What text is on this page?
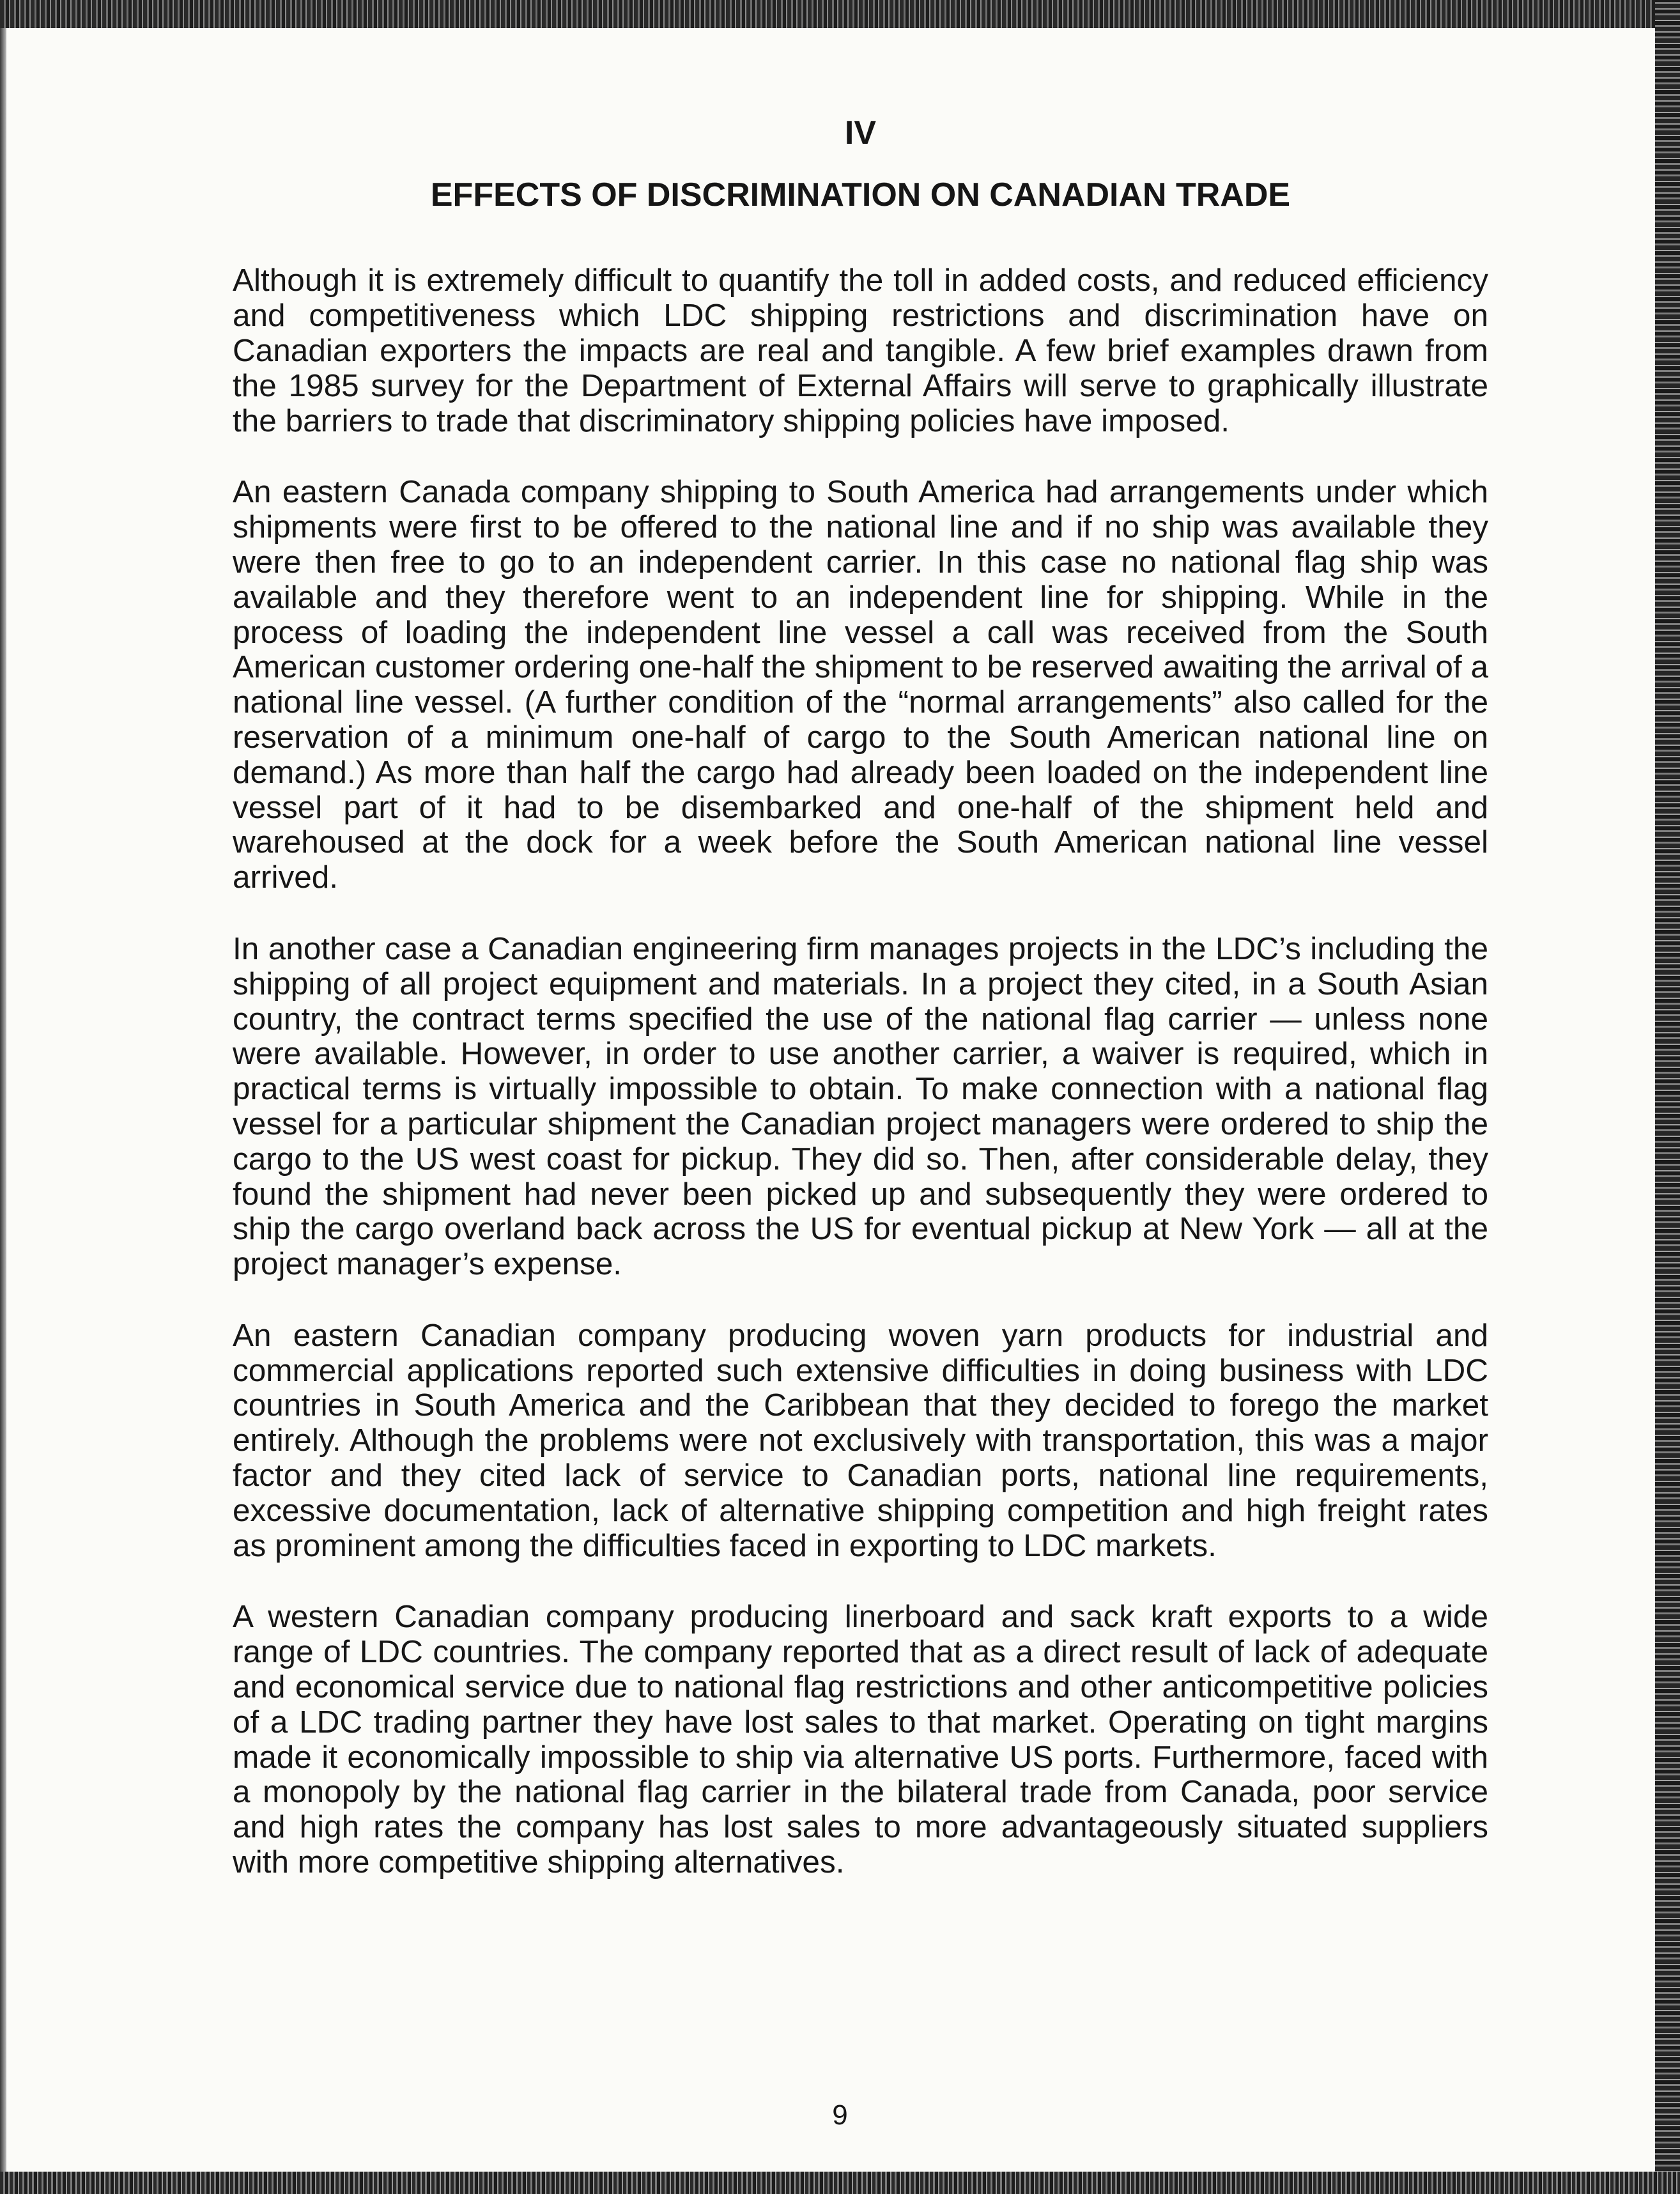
IV
EFFECTS OF DISCRIMINATION ON CANADIAN TRADE

Although it is extremely difficult to quantify the toll in added costs, and reduced efficiency and competitiveness which LDC shipping restrictions and discrimination have on Canadian exporters the impacts are real and tangible. A few brief examples drawn from the 1985 survey for the Department of External Affairs will serve to graphically illustrate the barriers to trade that discriminatory shipping policies have imposed.

An eastern Canada company shipping to South America had arrangements under which shipments were first to be offered to the national line and if no ship was available they were then free to go to an independent carrier. In this case no national flag ship was available and they therefore went to an independent line for shipping. While in the process of loading the independent line vessel a call was received from the South American customer ordering one-half the shipment to be reserved awaiting the arrival of a national line vessel. (A further condition of the “normal arrangements” also called for the reservation of a minimum one-half of cargo to the South American national line on demand.) As more than half the cargo had already been loaded on the independent line vessel part of it had to be disembarked and one-half of the shipment held and warehoused at the dock for a week before the South American national line vessel arrived.

In another case a Canadian engineering firm manages projects in the LDC’s including the shipping of all project equipment and materials. In a project they cited, in a South Asian country, the contract terms specified the use of the national flag carrier — unless none were available. However, in order to use another carrier, a waiver is required, which in practical terms is virtually impossible to obtain. To make connection with a national flag vessel for a particular shipment the Canadian project managers were ordered to ship the cargo to the US west coast for pickup. They did so. Then, after considerable delay, they found the shipment had never been picked up and subsequently they were ordered to ship the cargo overland back across the US for eventual pickup at New York — all at the project manager’s expense.

An eastern Canadian company producing woven yarn products for industrial and commercial applications reported such extensive difficulties in doing business with LDC countries in South America and the Caribbean that they decided to forego the market entirely. Although the problems were not exclusively with transportation, this was a major factor and they cited lack of service to Canadian ports, national line requirements, excessive documentation, lack of alternative shipping competition and high freight rates as prominent among the difficulties faced in exporting to LDC markets.

A western Canadian company producing linerboard and sack kraft exports to a wide range of LDC countries. The company reported that as a direct result of lack of adequate and economical service due to national flag restrictions and other anticompetitive policies of a LDC trading partner they have lost sales to that market. Operating on tight margins made it economically impossible to ship via alternative US ports. Furthermore, faced with a monopoly by the national flag carrier in the bilateral trade from Canada, poor service and high rates the company has lost sales to more advantageously situated suppliers with more competitive shipping alternatives.

9
